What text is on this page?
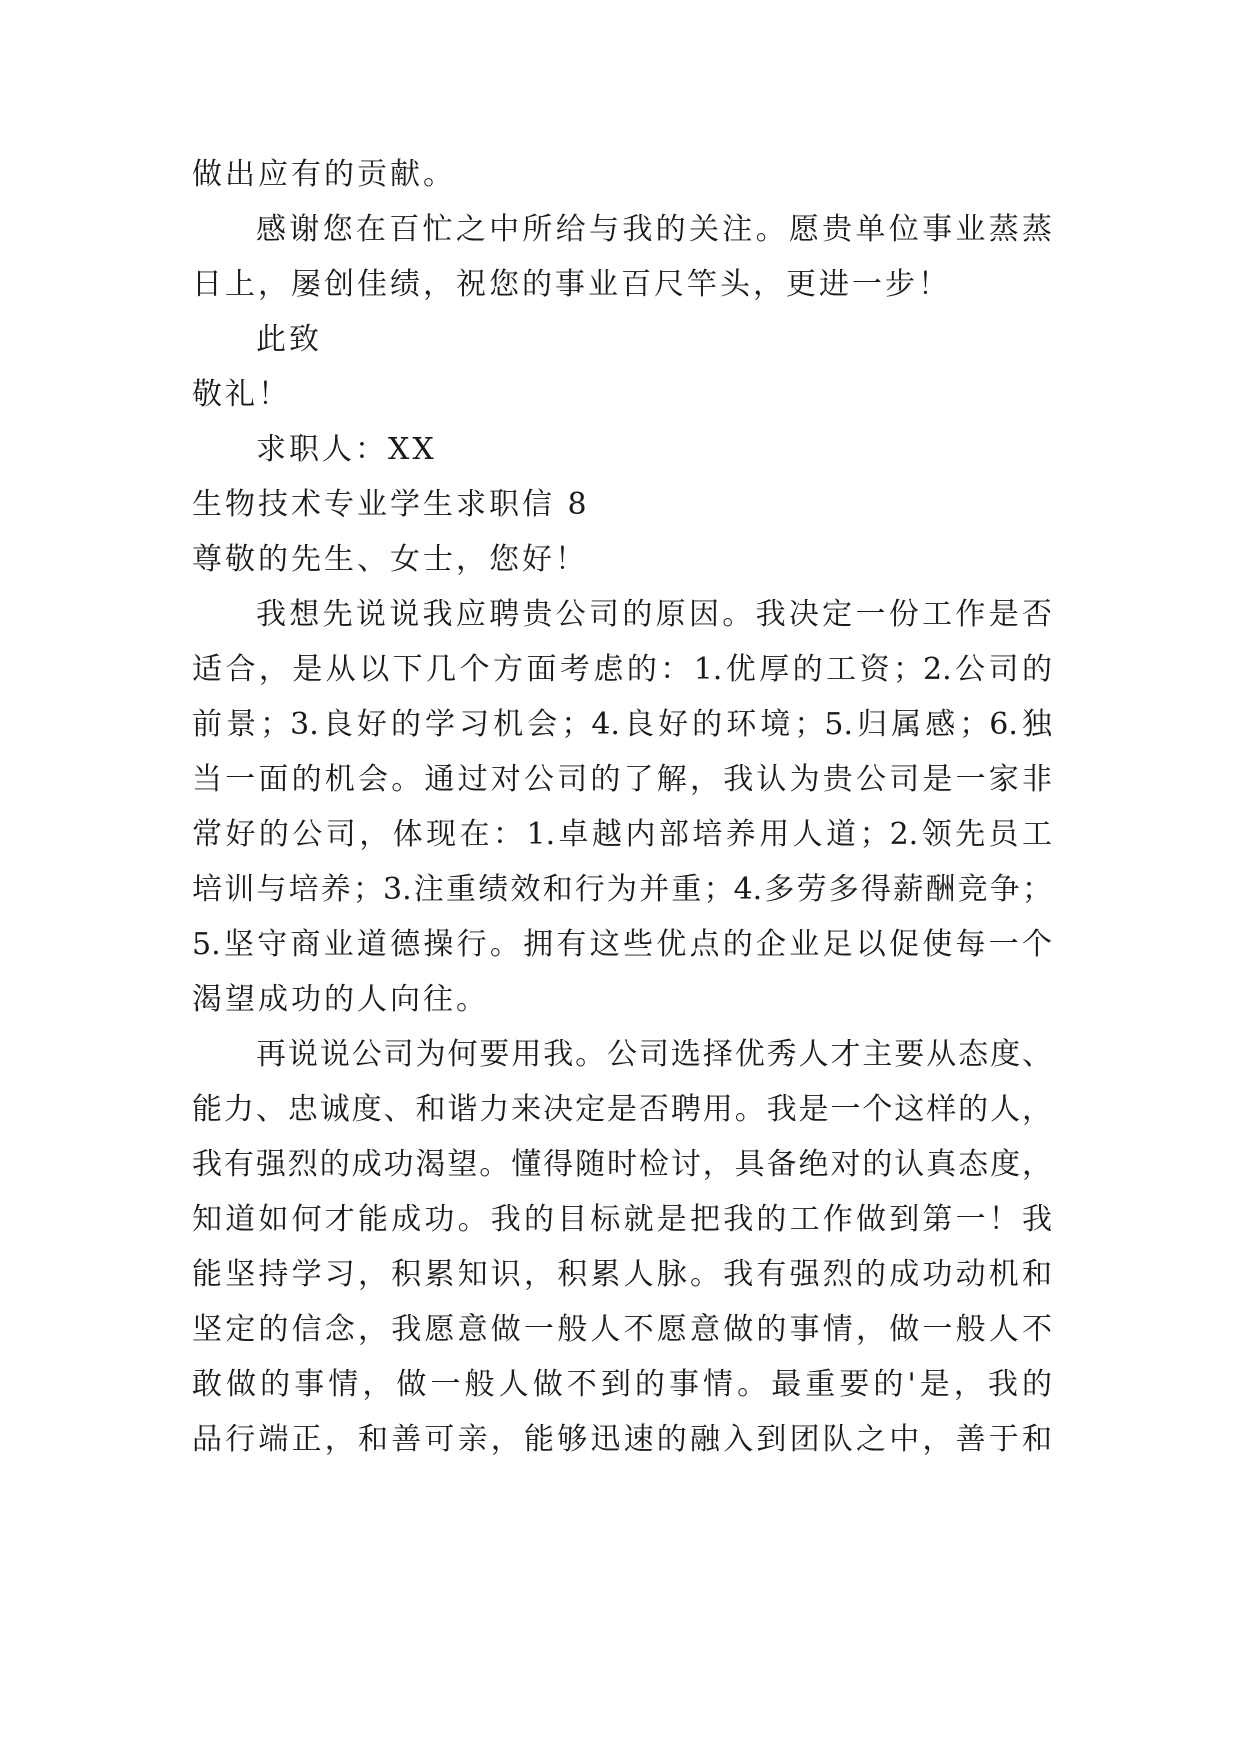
做出应有的贡献。
感谢您在百忙之中所给与我的关注。愿贵单位事业蒸蒸
日上，屡创佳绩，祝您的事业百尺竿头，更进一步！
此致
敬礼！
求职人：XX
生物技术专业学生求职信 8
尊敬的先生、女士，您好！
我想先说说我应聘贵公司的原因。我决定一份工作是否
适合，是从以下几个方面考虑的：1.优厚的工资；2.公司的
前景；3.良好的学习机会；4.良好的环境；5.归属感；6.独
当一面的机会。通过对公司的了解，我认为贵公司是一家非
常好的公司，体现在：1.卓越内部培养用人道；2.领先员工
培训与培养；3.注重绩效和行为并重；4.多劳多得薪酬竞争；
5.坚守商业道德操行。拥有这些优点的企业足以促使每一个
渴望成功的人向往。
再说说公司为何要用我。公司选择优秀人才主要从态度、
能力、忠诚度、和谐力来决定是否聘用。我是一个这样的人，
我有强烈的成功渴望。懂得随时检讨，具备绝对的认真态度，
知道如何才能成功。我的目标就是把我的工作做到第一！我
能坚持学习，积累知识，积累人脉。我有强烈的成功动机和
坚定的信念，我愿意做一般人不愿意做的事情，做一般人不
敢做的事情，做一般人做不到的事情。最重要的'是，我的
品行端正，和善可亲，能够迅速的融入到团队之中，善于和
